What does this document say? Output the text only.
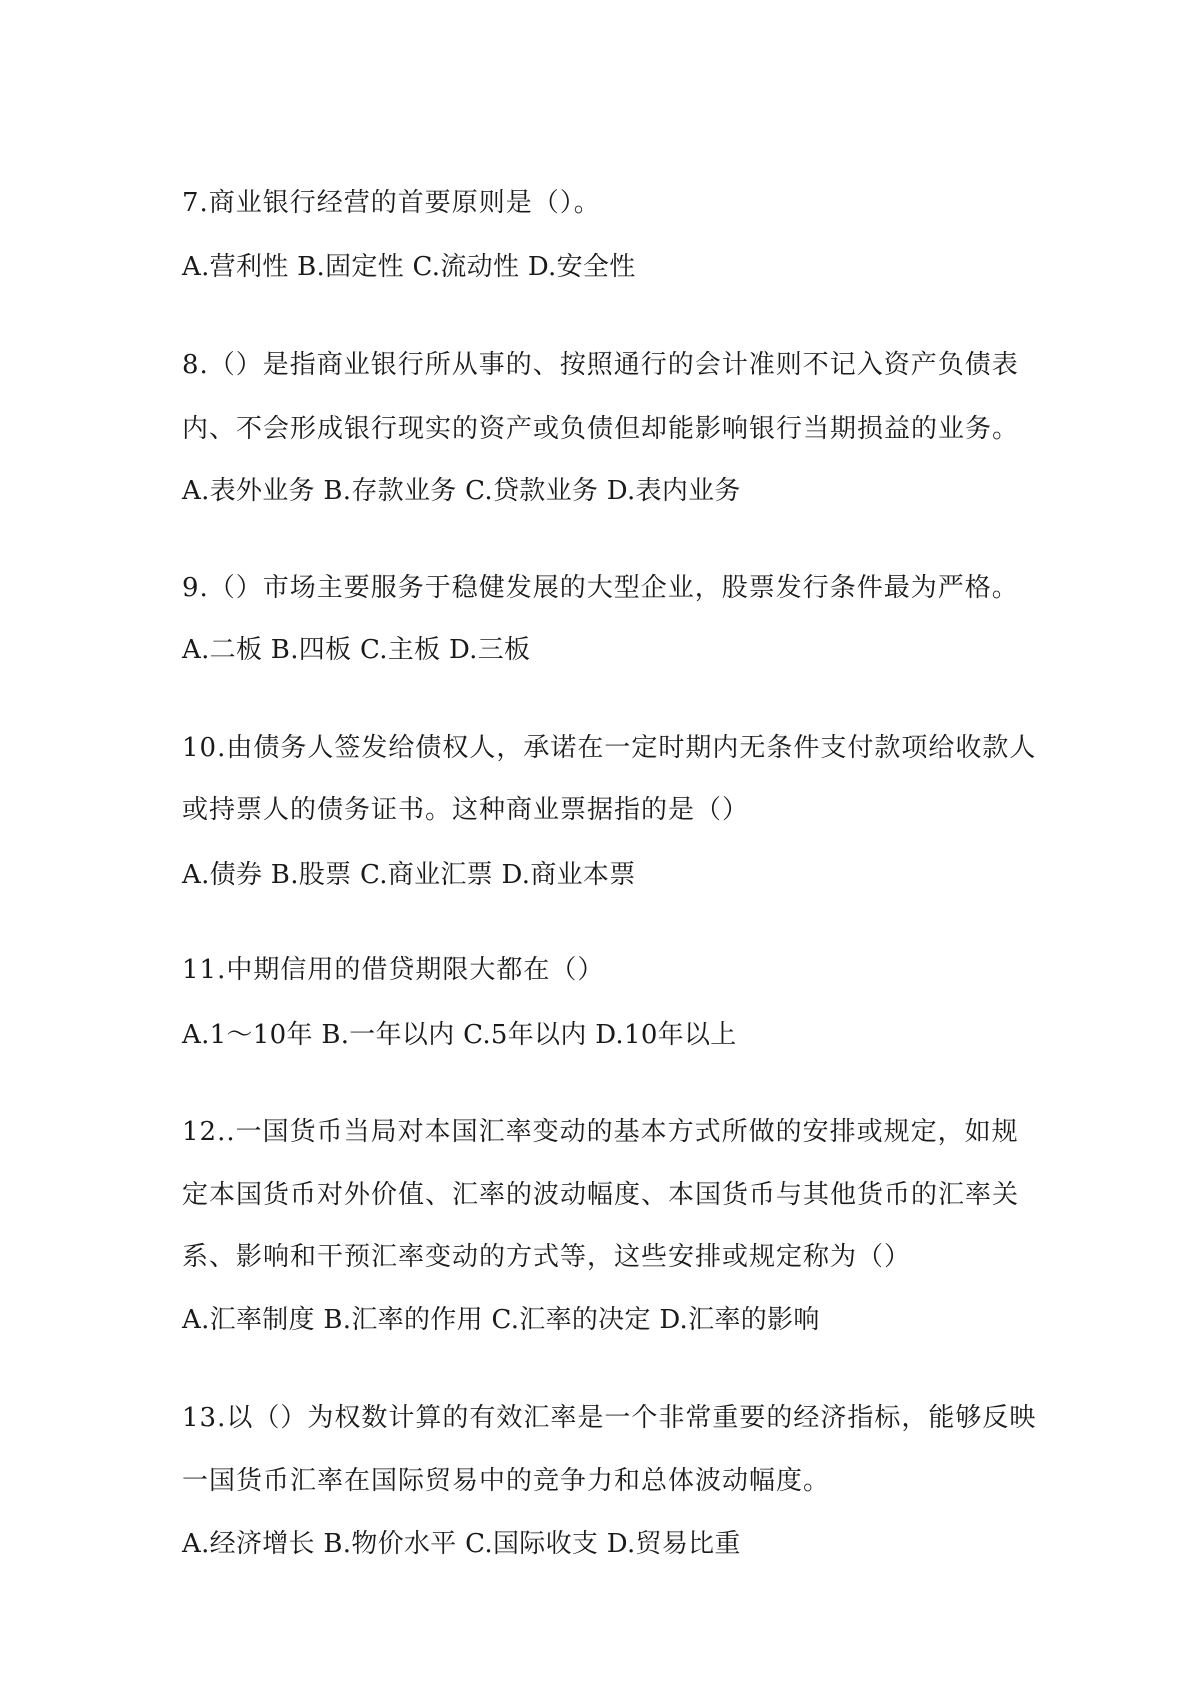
7.商业银行经营的首要原则是（）。
A.营利性 B.固定性 C.流动性 D.安全性
8.（）是指商业银行所从事的、按照通行的会计准则不记入资产负债表
内、不会形成银行现实的资产或负债但却能影响银行当期损益的业务。
A.表外业务 B.存款业务 C.贷款业务 D.表内业务
9.（）市场主要服务于稳健发展的大型企业，股票发行条件最为严格。
A.二板 B.四板 C.主板 D.三板
10.由债务人签发给债权人，承诺在一定时期内无条件支付款项给收款人
或持票人的债务证书。这种商业票据指的是（）
A.债券 B.股票 C.商业汇票 D.商业本票
11.中期信用的借贷期限大都在（）
A.1～10年 B.一年以内 C.5年以内 D.10年以上
12..一国货币当局对本国汇率变动的基本方式所做的安排或规定，如规
定本国货币对外价值、汇率的波动幅度、本国货币与其他货币的汇率关
系、影响和干预汇率变动的方式等，这些安排或规定称为（）
A.汇率制度 B.汇率的作用 C.汇率的决定 D.汇率的影响
13.以（）为权数计算的有效汇率是一个非常重要的经济指标，能够反映
一国货币汇率在国际贸易中的竞争力和总体波动幅度。
A.经济增长 B.物价水平 C.国际收支 D.贸易比重
